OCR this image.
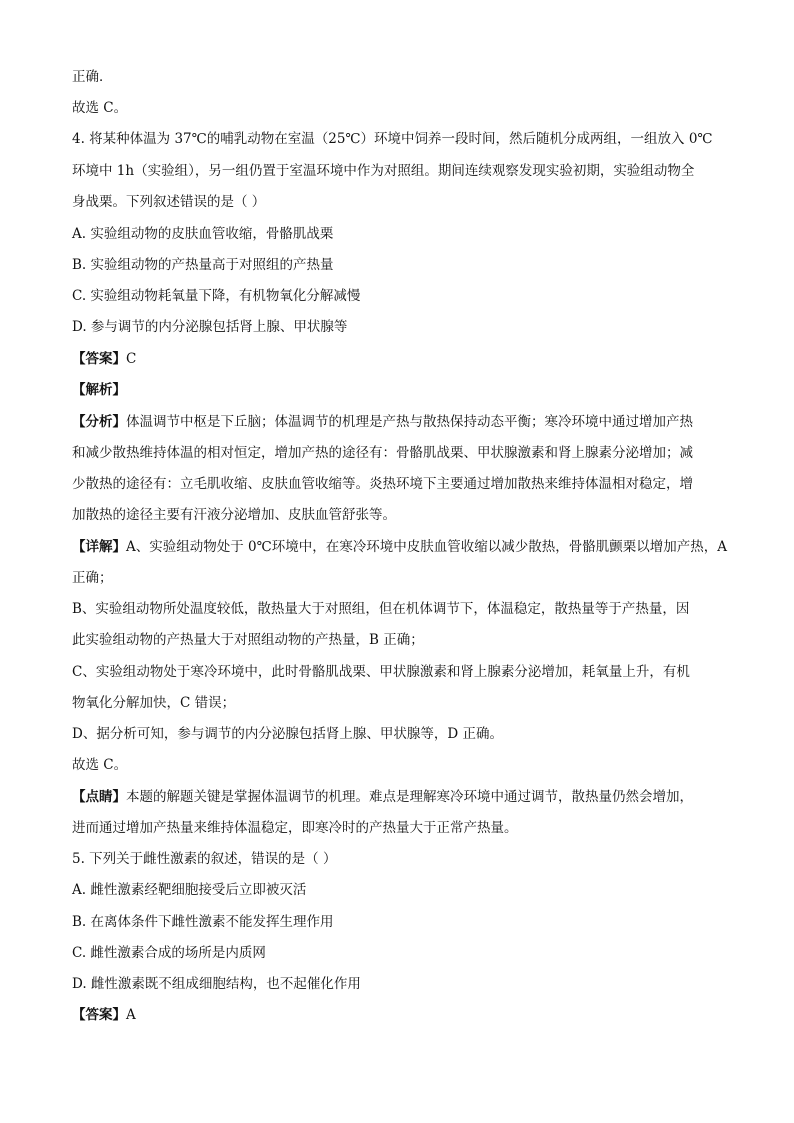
正确．
故选 C。
4. 将某种体温为 37℃的哺乳动物在室温（25℃）环境中饲养一段时间，然后随机分成两组，一组放入 0℃
环境中 1h（实验组），另一组仍置于室温环境中作为对照组。期间连续观察发现实验初期，实验组动物全
身战栗。下列叙述错误的是（ ）
A. 实验组动物的皮肤血管收缩，骨骼肌战栗
B. 实验组动物的产热量高于对照组的产热量
C. 实验组动物耗氧量下降，有机物氧化分解减慢
D. 参与调节的内分泌腺包括肾上腺、甲状腺等
【答案】C
【解析】
【分析】体温调节中枢是下丘脑；体温调节的机理是产热与散热保持动态平衡；寒冷环境中通过增加产热
和减少散热维持体温的相对恒定，增加产热的途径有：骨骼肌战栗、甲状腺激素和肾上腺素分泌增加；减
少散热的途径有：立毛肌收缩、皮肤血管收缩等。炎热环境下主要通过增加散热来维持体温相对稳定，增
加散热的途径主要有汗液分泌增加、皮肤血管舒张等。
【详解】A、实验组动物处于 0℃环境中，在寒冷环境中皮肤血管收缩以减少散热，骨骼肌颤栗以增加产热，A
正确；
B、实验组动物所处温度较低，散热量大于对照组，但在机体调节下，体温稳定，散热量等于产热量，因
此实验组动物的产热量大于对照组动物的产热量，B 正确；
C、实验组动物处于寒冷环境中，此时骨骼肌战栗、甲状腺激素和肾上腺素分泌增加，耗氧量上升，有机
物氧化分解加快，C 错误；
D、据分析可知，参与调节的内分泌腺包括肾上腺、甲状腺等，D 正确。
故选 C。
【点睛】本题的解题关键是掌握体温调节的机理。难点是理解寒冷环境中通过调节，散热量仍然会增加，
进而通过增加产热量来维持体温稳定，即寒冷时的产热量大于正常产热量。
5. 下列关于雌性激素的叙述，错误的是（ ）
A. 雌性激素经靶细胞接受后立即被灭活
B. 在离体条件下雌性激素不能发挥生理作用
C. 雌性激素合成的场所是内质网
D. 雌性激素既不组成细胞结构，也不起催化作用
【答案】A
